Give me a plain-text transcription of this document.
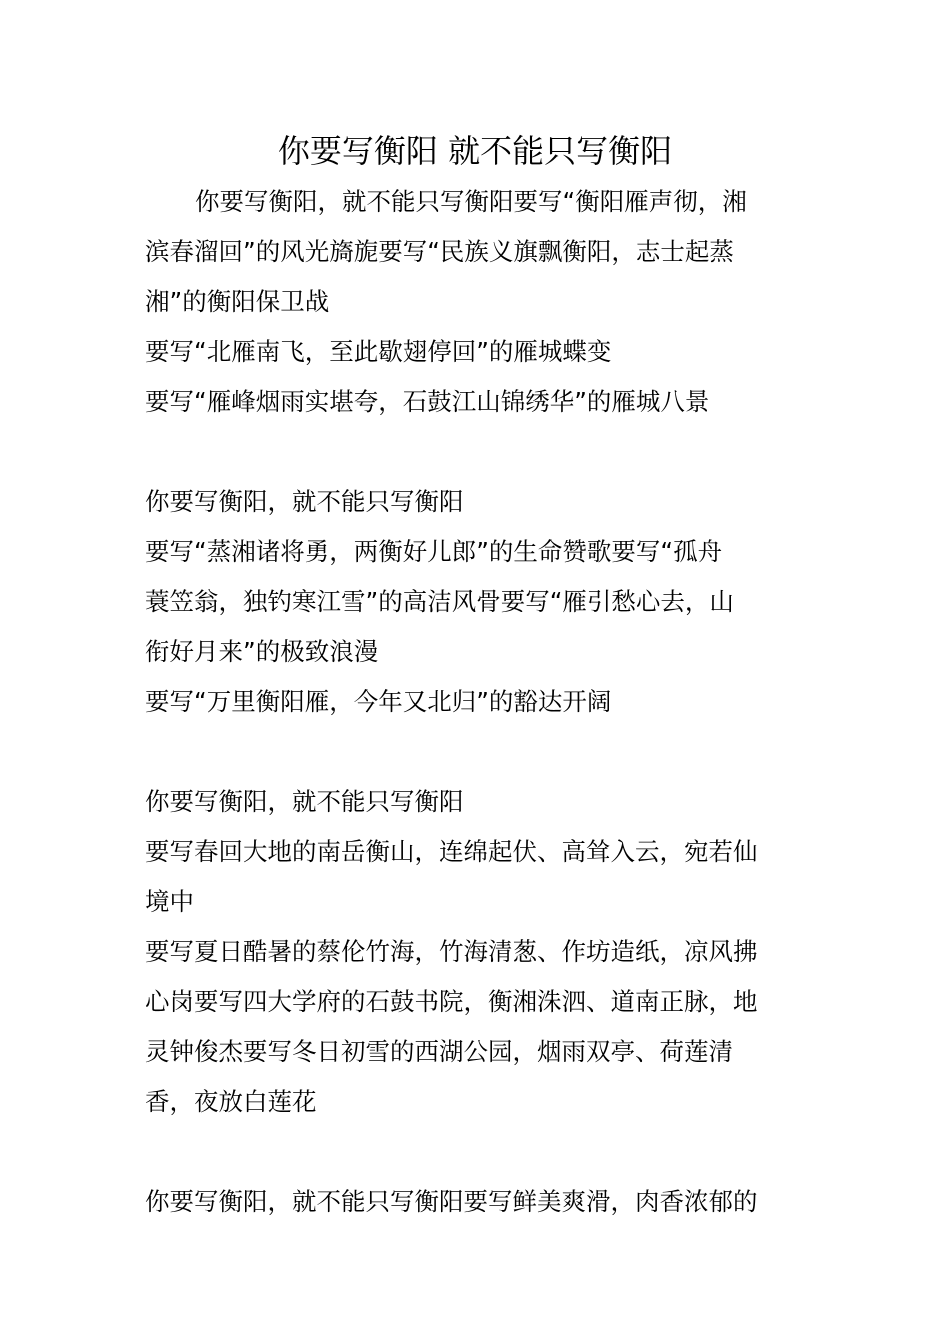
你要写衡阳 就不能只写衡阳
你要写衡阳，就不能只写衡阳要写“衡阳雁声彻，湘
滨春溜回”的风光旖旎要写“民族义旗飘衡阳，志士起蒸
湘”的衡阳保卫战
要写“北雁南飞，至此歇翅停回”的雁城蝶变
要写“雁峰烟雨实堪夸，石鼓江山锦绣华”的雁城八景
你要写衡阳，就不能只写衡阳
要写“蒸湘诸将勇，两衡好儿郎”的生命赞歌要写“孤舟
蓑笠翁，独钓寒江雪”的高洁风骨要写“雁引愁心去，山
衔好月来”的极致浪漫
要写“万里衡阳雁，今年又北归”的豁达开阔
你要写衡阳，就不能只写衡阳
要写春回大地的南岳衡山，连绵起伏、高耸入云，宛若仙
境中
要写夏日酷暑的蔡伦竹海，竹海清葱、作坊造纸，凉风拂
心岗要写四大学府的石鼓书院，衡湘洙泗、道南正脉，地
灵钟俊杰要写冬日初雪的西湖公园，烟雨双亭、荷莲清
香，夜放白莲花
你要写衡阳，就不能只写衡阳要写鲜美爽滑，肉香浓郁的
